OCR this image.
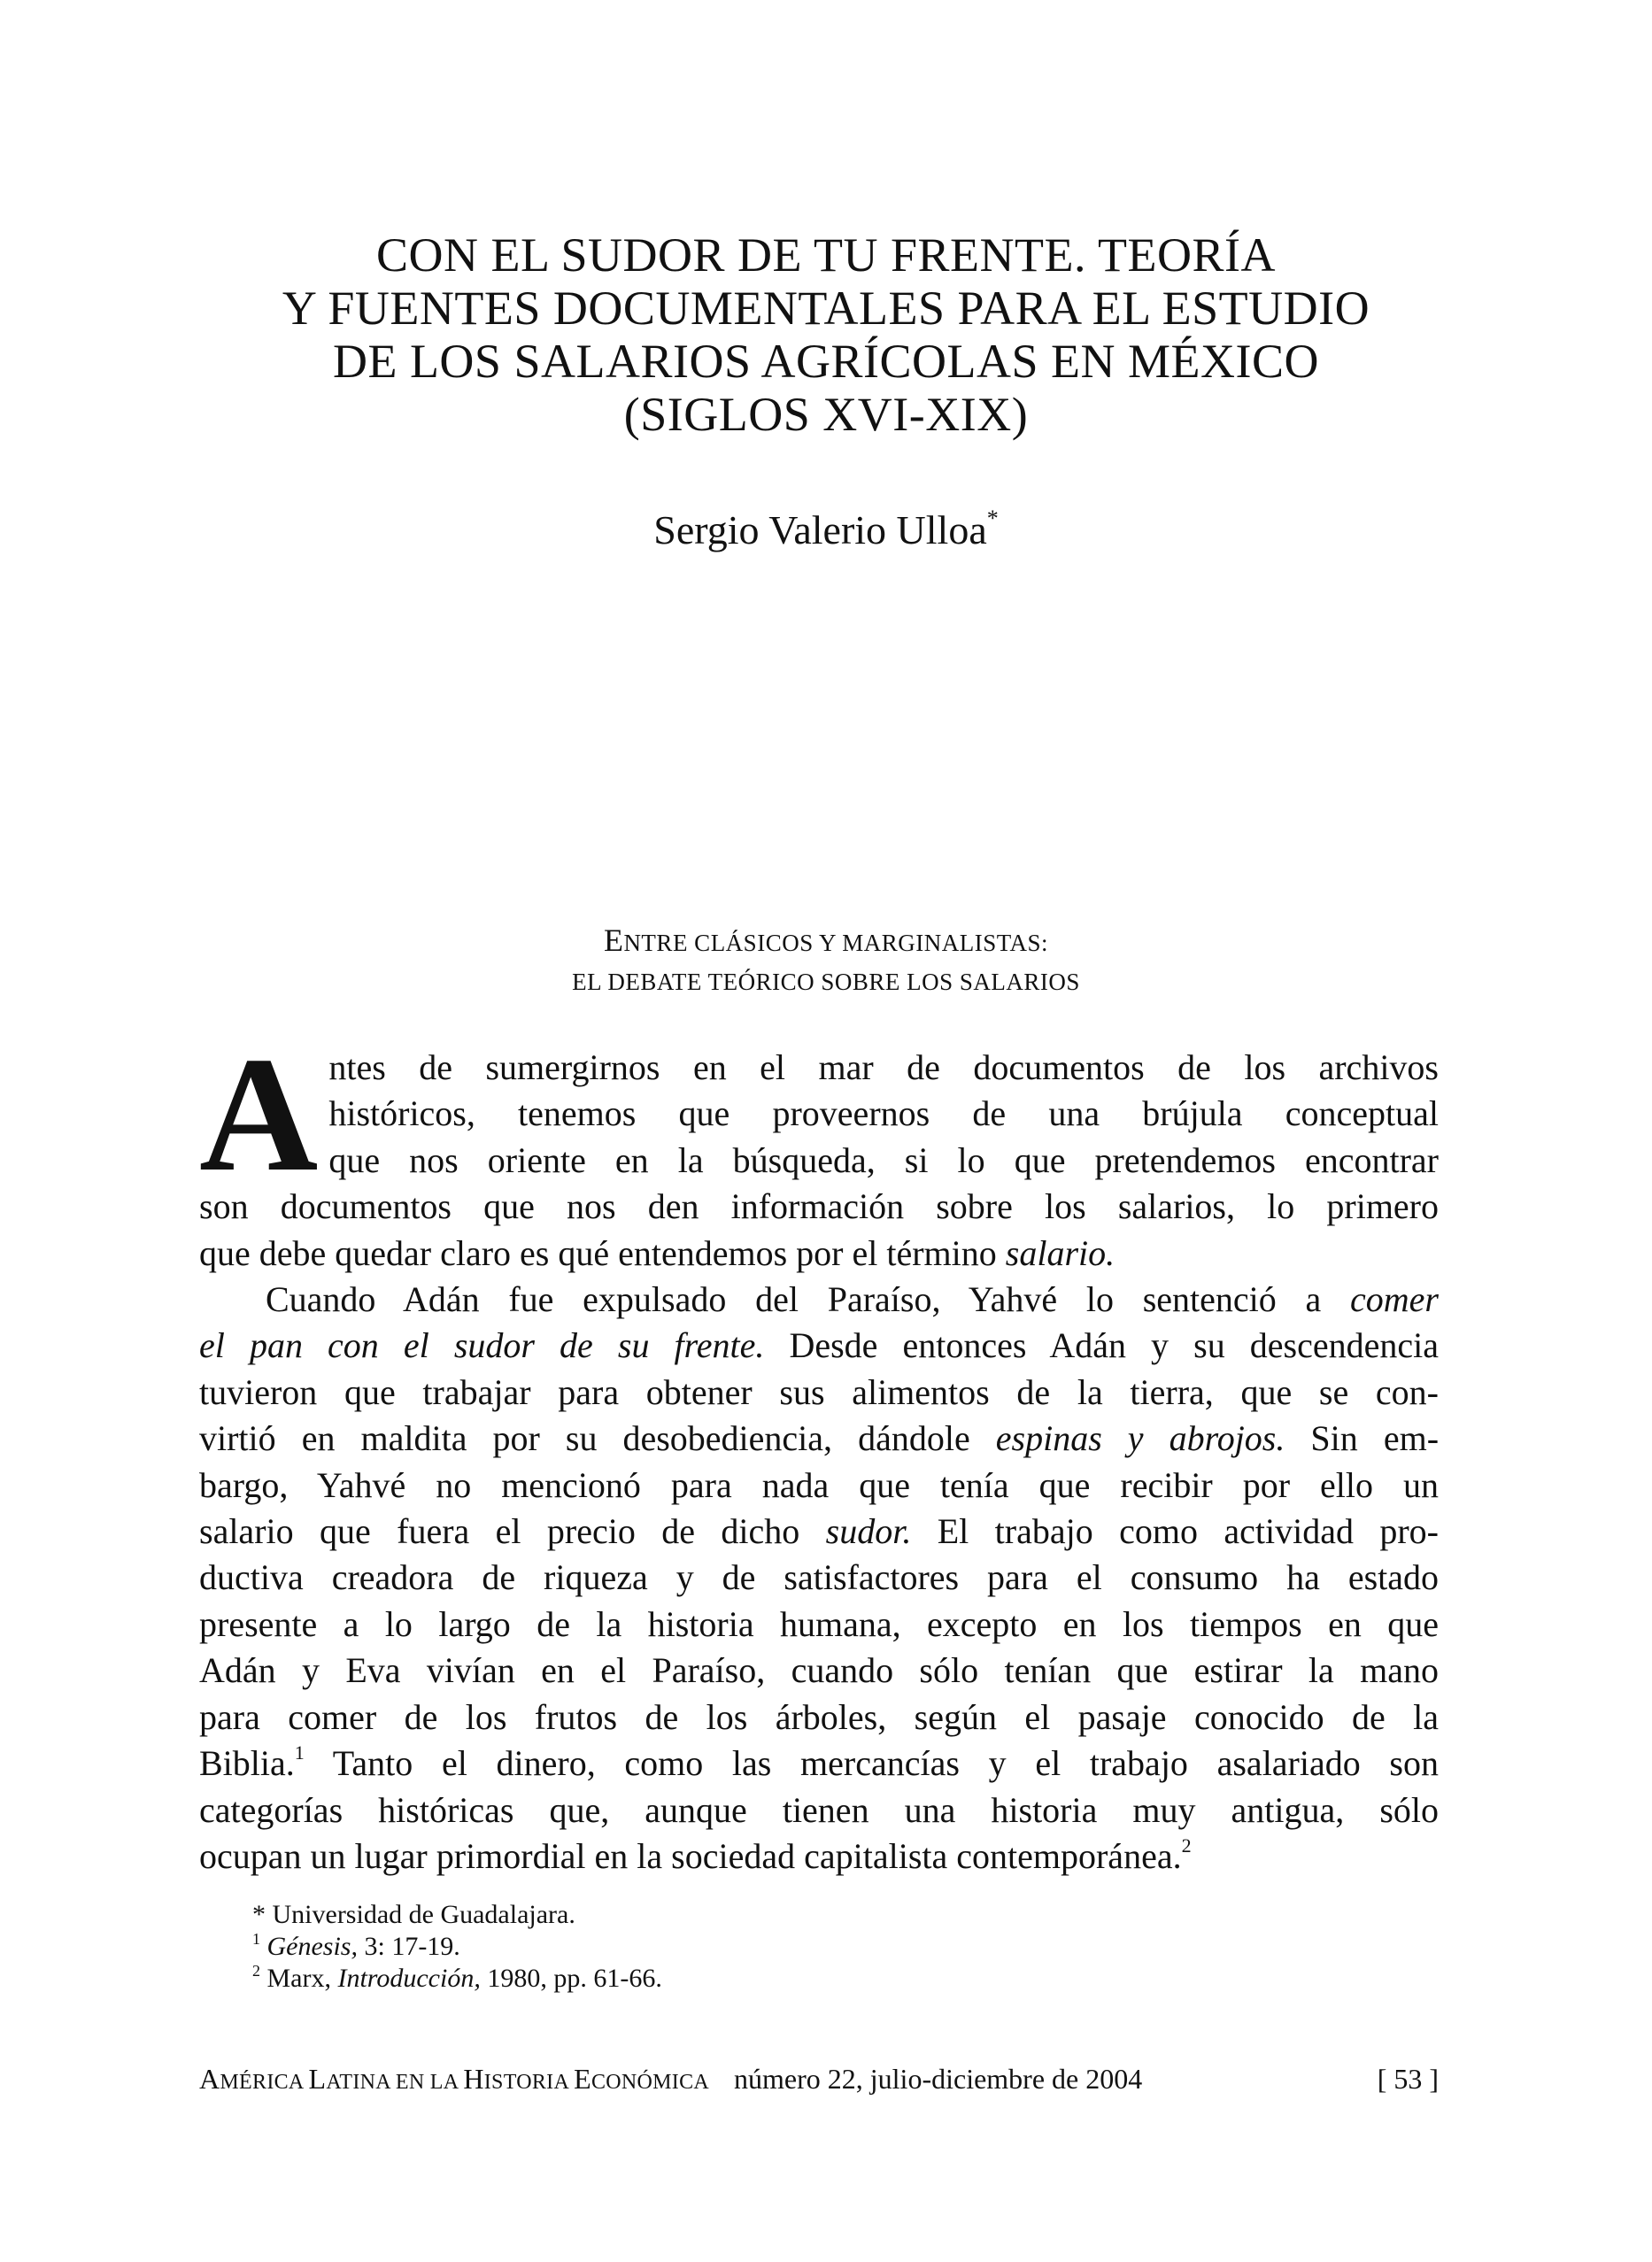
CON EL SUDOR DE TU FRENTE. TEORÍA
Y FUENTES DOCUMENTALES PARA EL ESTUDIO
DE LOS SALARIOS AGRÍCOLAS EN MÉXICO
(SIGLOS XVI-XIX)
Sergio Valerio Ulloa*
ENTRE CLÁSICOS Y MARGINALISTAS:
EL DEBATE TEÓRICO SOBRE LOS SALARIOS

A ntes de sumergirnos en el mar de documentos de los archivos
históricos, tenemos que proveernos de una brújula conceptual
que nos oriente en la búsqueda, si lo que pretendemos encontrar
son documentos que nos den información sobre los salarios, lo primero
que debe quedar claro es qué entendemos por el término salario.

Cuando Adán fue expulsado del Paraíso, Yahvé lo sentenció a comer
el pan con el sudor de su frente. Desde entonces Adán y su descendencia
tuvieron que trabajar para obtener sus alimentos de la tierra, que se con-
virtió en maldita por su desobediencia, dándole espinas y abrojos. Sin em-
bargo, Yahvé no mencionó para nada que tenía que recibir por ello un
salario que fuera el precio de dicho sudor. El trabajo como actividad pro-
ductiva creadora de riqueza y de satisfactores para el consumo ha estado
presente a lo largo de la historia humana, excepto en los tiempos en que
Adán y Eva vivían en el Paraíso, cuando sólo tenían que estirar la mano
para comer de los frutos de los árboles, según el pasaje conocido de la
Biblia.$^1$ Tanto el dinero, como las mercancías y el trabajo asalariado son
categorías históricas que, aunque tienen una historia muy antigua, sólo
ocupan un lugar primordial en la sociedad capitalista contemporánea.$^2$

* Universidad de Guadalajara.
$^1$ Génesis, 3: 17-19.
$^2$ Marx, Introducción, 1980, pp. 61-66.
AMÉRICA LATINA EN LA HISTORIA ECONÓMICA número 22, julio-diciembre de 2004	[ 53 ]
